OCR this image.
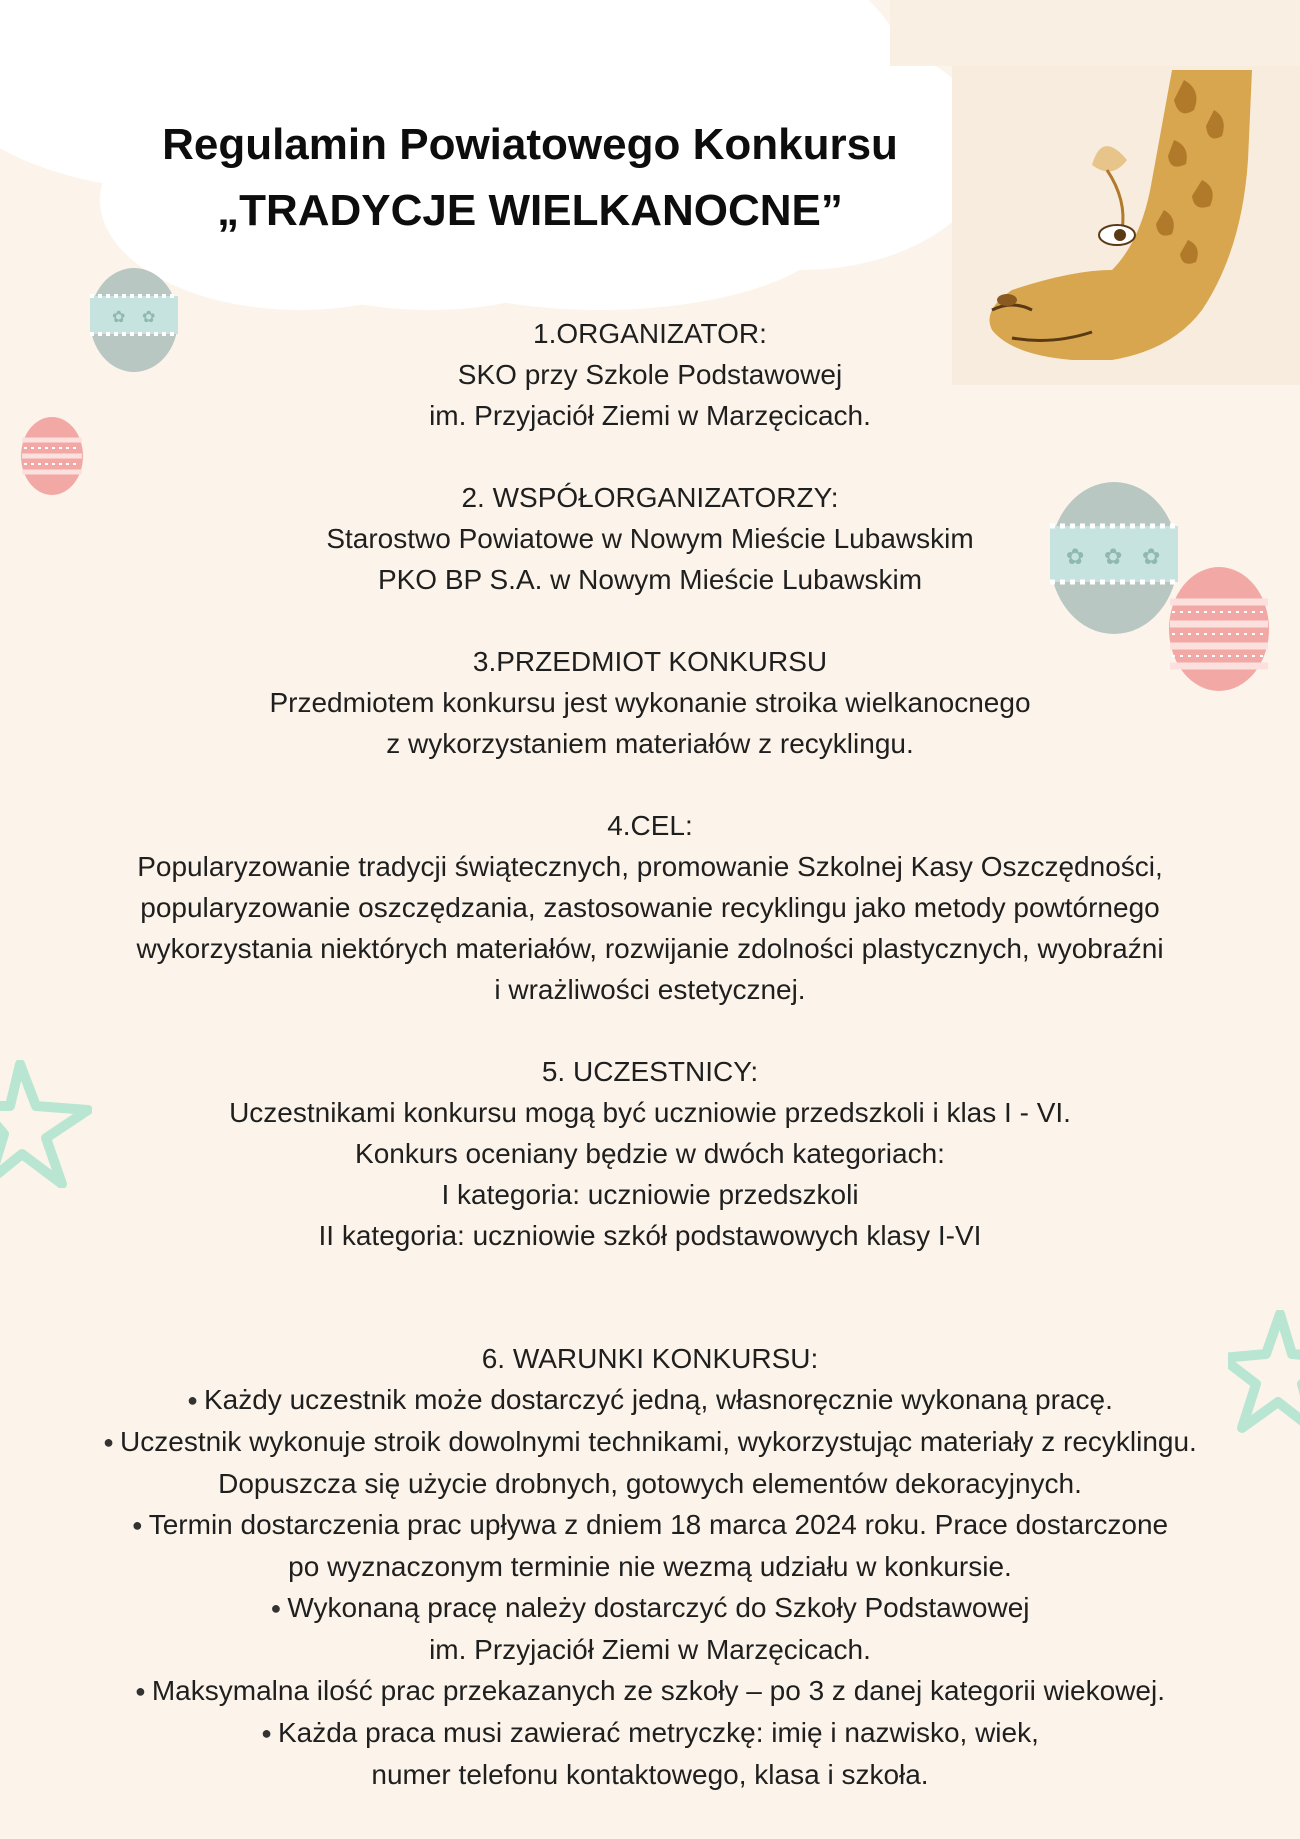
✿ ✿
✿ ✿ ✿
Regulamin Powiatowego Konkursu
„TRADYCJE WIELKANOCNE”

1.ORGANIZATOR:

SKO przy Szkole Podstawowej

im. Przyjaciół Ziemi w Marzęcicach.

2. WSPÓŁORGANIZATORZY:

Starostwo Powiatowe w Nowym Mieście Lubawskim

PKO BP S.A. w Nowym Mieście Lubawskim

3.PRZEDMIOT KONKURSU

Przedmiotem konkursu jest wykonanie stroika wielkanocnego

z wykorzystaniem materiałów z recyklingu.

4.CEL:

Popularyzowanie tradycji świątecznych, promowanie Szkolnej Kasy Oszczędności,

popularyzowanie oszczędzania, zastosowanie recyklingu jako metody powtórnego

wykorzystania niektórych materiałów, rozwijanie zdolności plastycznych, wyobraźni

i wrażliwości estetycznej.

5. UCZESTNICY:

Uczestnikami konkursu mogą być uczniowie przedszkoli i klas I - VI.

Konkurs oceniany będzie w dwóch kategoriach:

I kategoria: uczniowie przedszkoli

II kategoria: uczniowie szkół podstawowych klasy I-VI

6. WARUNKI KONKURSU:

● Każdy uczestnik może dostarczyć jedną, własnoręcznie wykonaną pracę.

● Uczestnik wykonuje stroik dowolnymi technikami, wykorzystując materiały z recyklingu.

Dopuszcza się użycie drobnych, gotowych elementów dekoracyjnych.

● Termin dostarczenia prac upływa z dniem 18 marca 2024 roku. Prace dostarczone

po wyznaczonym terminie nie wezmą udziału w konkursie.

● Wykonaną pracę należy dostarczyć do Szkoły Podstawowej

im. Przyjaciół Ziemi w Marzęcicach.

● Maksymalna ilość prac przekazanych ze szkoły – po 3 z danej kategorii wiekowej.

● Każda praca musi zawierać metryczkę: imię i nazwisko, wiek,

numer telefonu kontaktowego, klasa i szkoła.
